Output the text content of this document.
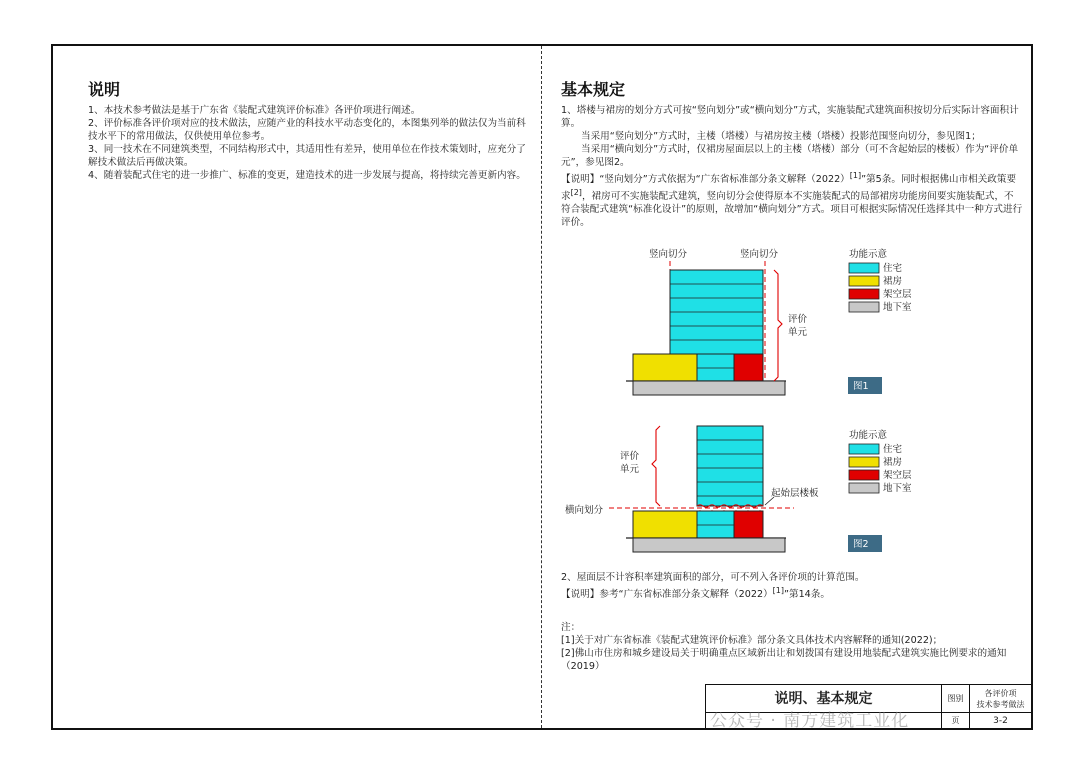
说明
1、本技术参考做法是基于广东省《装配式建筑评价标准》各评价项进行阐述。
2、评价标准各评价项对应的技术做法，应随产业的科技水平动态变化的，本图集列举的做法仅为当前科技水平下的常用做法，仅供使用单位参考。
3、同一技术在不同建筑类型，不同结构形式中，其适用性有差异，使用单位在作技术策划时，应充分了解技术做法后再做决策。
4、随着装配式住宅的进一步推广、标准的变更，建造技术的进一步发展与提高，将持续完善更新内容。
基本规定
1、塔楼与裙房的划分方式可按“竖向划分”或“横向划分”方式，实施装配式建筑面积按切分后实际计容面积计算。
当采用“竖向划分”方式时，主楼（塔楼）与裙房按主楼（塔楼）投影范围竖向切分，参见图1；
当采用“横向划分”方式时，仅裙房屋面层以上的主楼（塔楼）部分（可不含起始层的楼板）作为“评价单元”，参见图2。
【说明】“竖向划分”方式依据为“广东省标准部分条文解释（2022）[1]”第5条。同时根据佛山市相关政策要求[2]，裙房可不实施装配式建筑，竖向切分会使得原本不实施装配式的局部裙房功能房间要实施装配式，不符合装配式建筑“标准化设计”的原则，故增加“横向划分”方式。项目可根据实际情况任选择其中一种方式进行评价。
竖向切分	竖向切分
评价
单元
图1
功能示意
住宅
裙房
架空层
地下室
横向划分
起始层楼板
评价
单元
图2
功能示意
住宅
裙房
架空层
地下室
2、屋面层不计容积率建筑面积的部分，可不列入各评价项的计算范围。
【说明】参考“广东省标准部分条文解释（2022）[1]”第14条。
注：
[1]关于对广东省标准《装配式建筑评价标准》部分条文具体技术内容解释的通知(2022)；
[2]佛山市住房和城乡建设局关于明确重点区域新出让和划拨国有建设用地装配式建筑实施比例要求的通知（2019）
说明、基本规定	图别
页
各评价项
技术参考做法
3-2
公众号 · 南方建筑工业化
